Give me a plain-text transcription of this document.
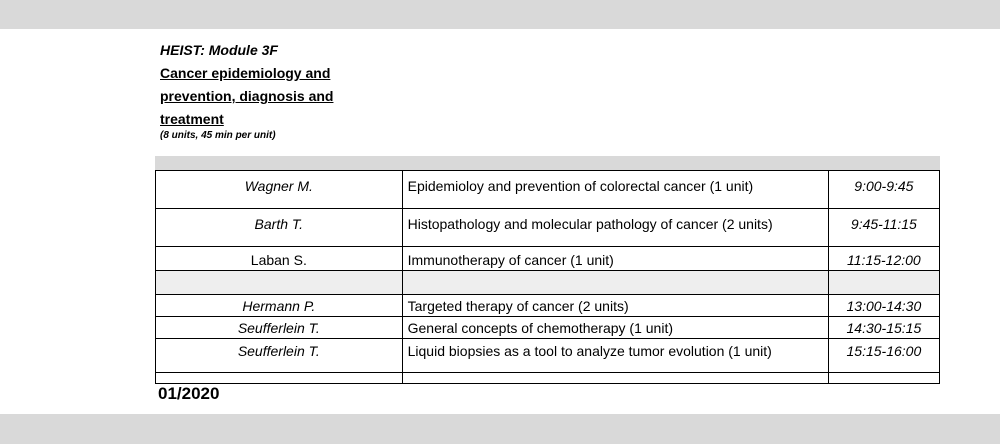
HEIST: Module 3F
Cancer epidemiology and prevention, diagnosis and treatment
(8 units, 45 min per unit)
Wagner M.	Epidemioloy and prevention of colorectal cancer (1 unit)	9:00-9:45
Barth T.	Histopathology and molecular pathology of cancer (2 units)	9:45-11:15
Laban S.	Immunotherapy of cancer (1 unit)	11:15-12:00

Hermann P.	Targeted therapy of cancer (2 units)	13:00-14:30
Seufferlein T.	General concepts of chemotherapy (1 unit)	14:30-15:15
Seufferlein T.	Liquid biopsies as a tool to analyze tumor evolution (1 unit)	15:15-16:00

01/2020
